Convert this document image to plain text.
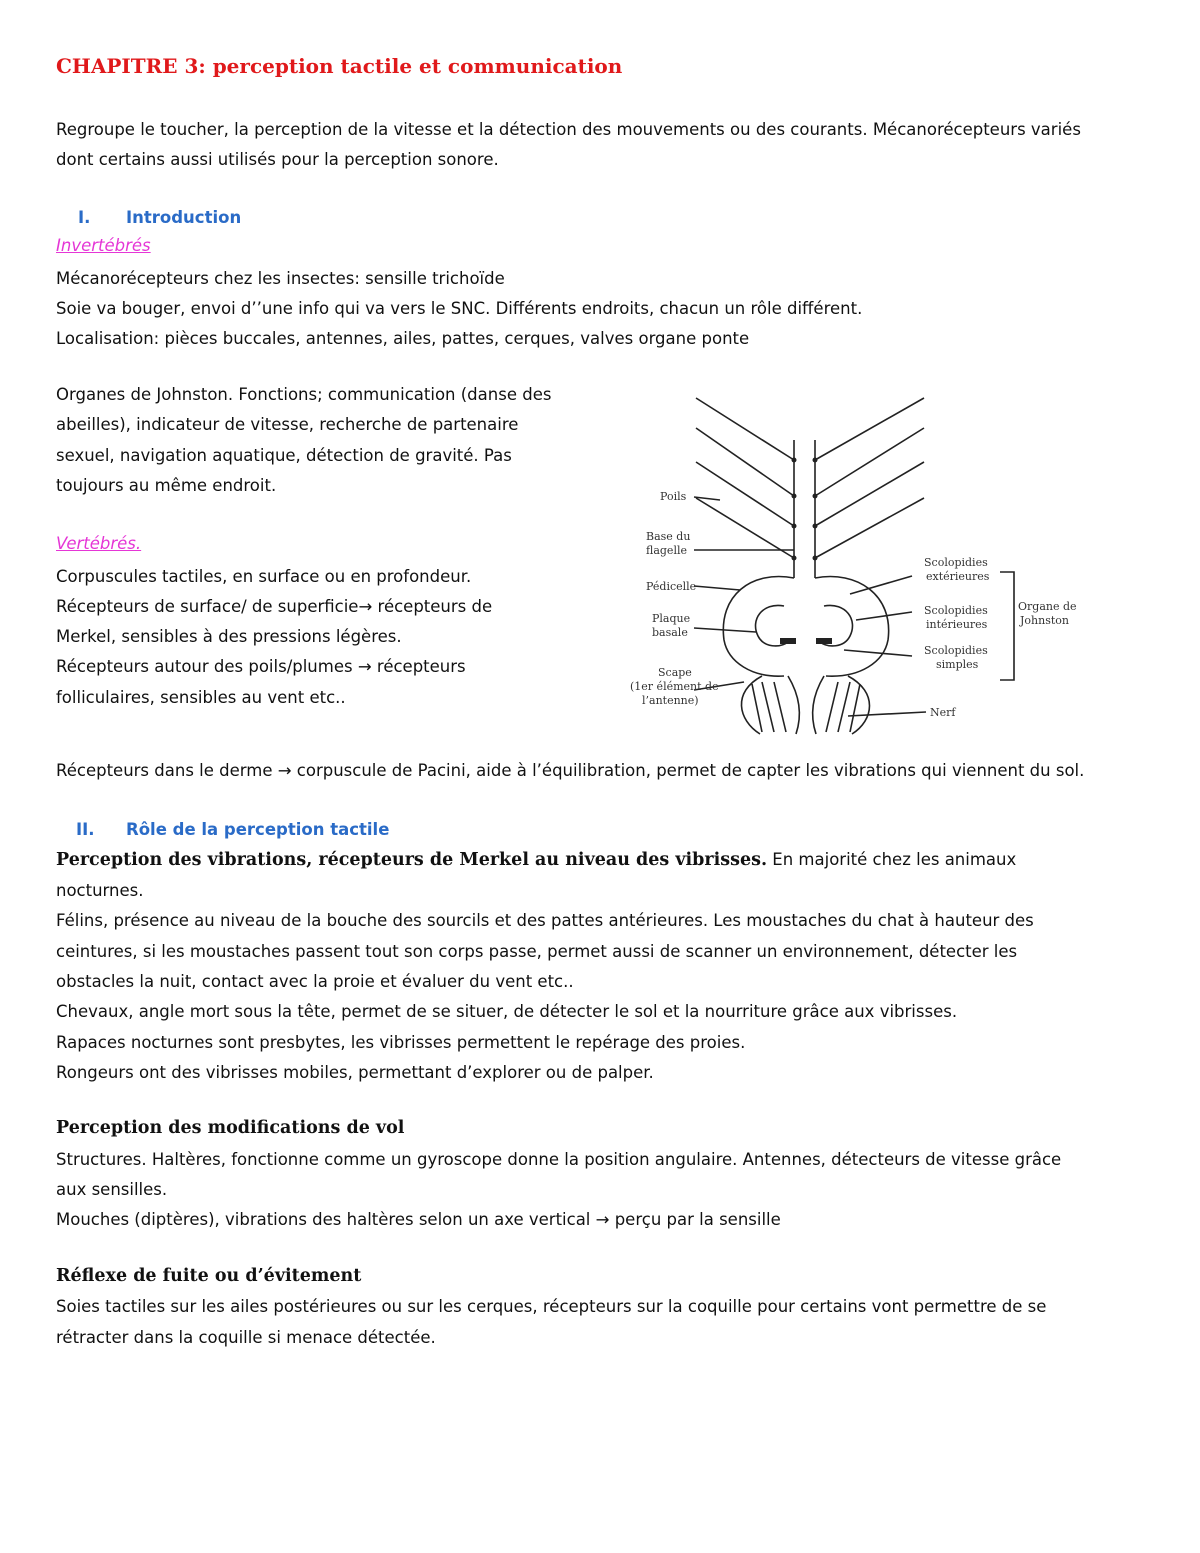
CHAPITRE 3: perception tactile et communication
Regroupe le toucher, la perception de la vitesse et la détection des mouvements ou des courants. Mécanorécepteurs variés
dont certains aussi utilisés pour la perception sonore.
I. Introduction
Invertébrés
Mécanorécepteurs chez les insectes: sensille trichoïde
Soie va bouger, envoi d’’une info qui va vers le SNC. Différents endroits, chacun un rôle différent.
Localisation: pièces buccales, antennes, ailes, pattes, cerques, valves organe ponte
Organes de Johnston. Fonctions; communication (danse des
abeilles), indicateur de vitesse, recherche de partenaire
sexuel, navigation aquatique, détection de gravité. Pas
toujours au même endroit.
Vertébrés.
Corpuscules tactiles, en surface ou en profondeur.
Récepteurs de surface/ de superficie→ récepteurs de
Merkel, sensibles à des pressions légères.
Récepteurs autour des poils/plumes → récepteurs
folliculaires, sensibles au vent etc..
Poils
Base du
flagelle
Pédicelle
Plaque
basale
Scape
(1er élément de
l’antenne)
Scolopidies
extérieures
Scolopidies
intérieures
Scolopidies
simples
Organe de
Johnston
Nerf
Récepteurs dans le derme → corpuscule de Pacini, aide à l’équilibration, permet de capter les vibrations qui viennent du sol.
II. Rôle de la perception tactile
Perception des vibrations, récepteurs de Merkel au niveau des vibrisses. En majorité chez les animaux
nocturnes.
Félins, présence au niveau de la bouche des sourcils et des pattes antérieures. Les moustaches du chat à hauteur des
ceintures, si les moustaches passent tout son corps passe, permet aussi de scanner un environnement, détecter les
obstacles la nuit, contact avec la proie et évaluer du vent etc..
Chevaux, angle mort sous la tête, permet de se situer, de détecter le sol et la nourriture grâce aux vibrisses.
Rapaces nocturnes sont presbytes, les vibrisses permettent le repérage des proies.
Rongeurs ont des vibrisses mobiles, permettant d’explorer ou de palper.
Perception des modifications de vol
Structures. Haltères, fonctionne comme un gyroscope donne la position angulaire. Antennes, détecteurs de vitesse grâce
aux sensilles.
Mouches (diptères), vibrations des haltères selon un axe vertical → perçu par la sensille
Réflexe de fuite ou d’évitement
Soies tactiles sur les ailes postérieures ou sur les cerques, récepteurs sur la coquille pour certains vont permettre de se
rétracter dans la coquille si menace détectée.
